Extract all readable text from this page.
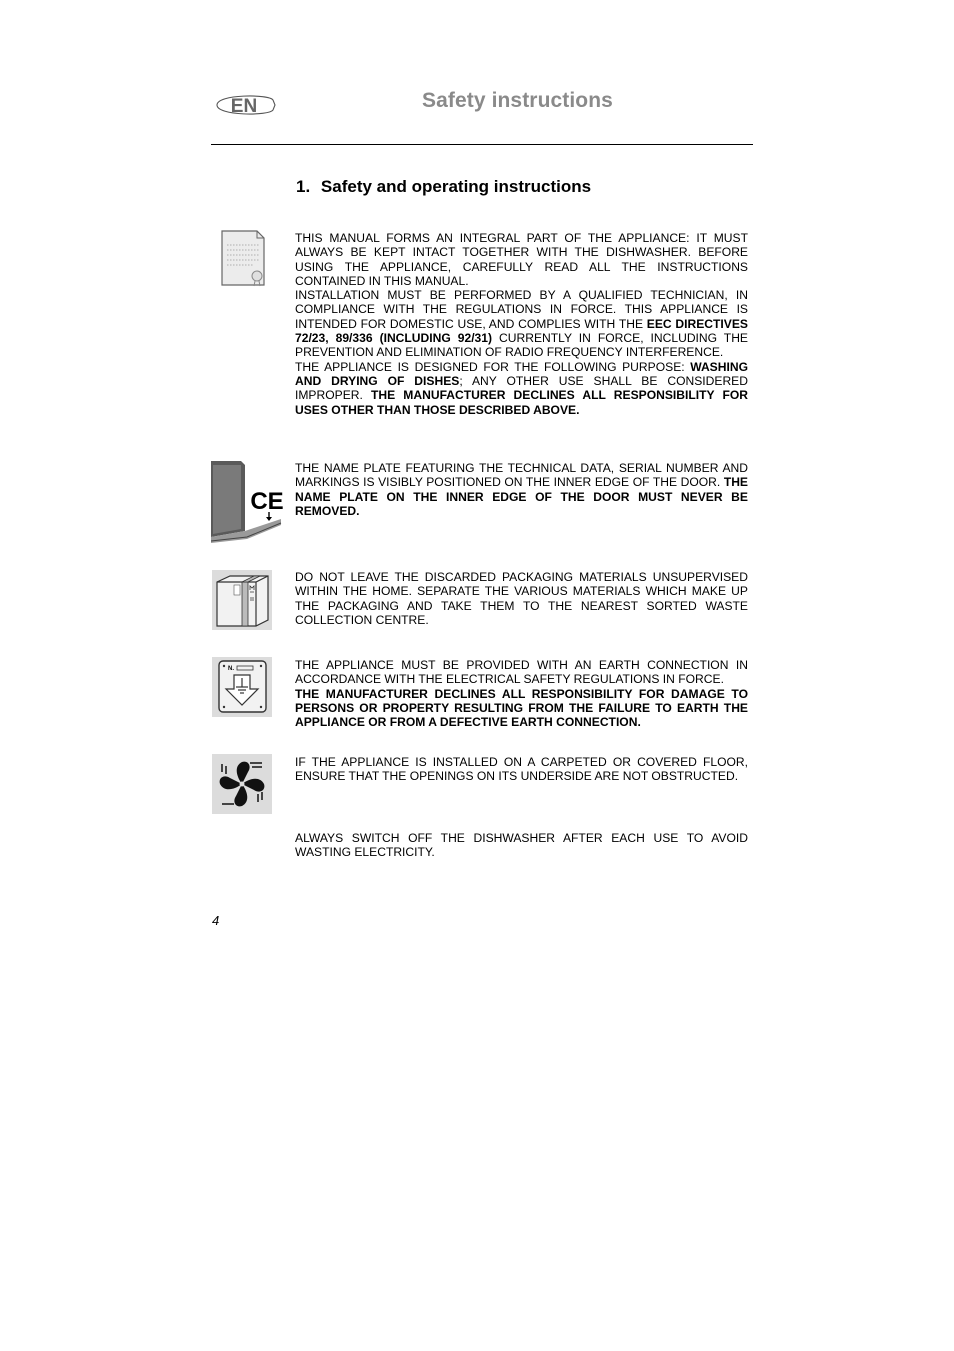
EN	Safety instructions
1. Safety and operating instructions

THIS MANUAL FORMS AN INTEGRAL PART OF THE APPLIANCE: IT MUST ALWAYS BE KEPT INTACT TOGETHER WITH THE DISHWASHER. BEFORE USING THE APPLIANCE, CAREFULLY READ ALL THE INSTRUCTIONS CONTAINED IN THIS MANUAL.

INSTALLATION MUST BE PERFORMED BY A QUALIFIED TECHNICIAN, IN COMPLIANCE WITH THE REGULATIONS IN FORCE. THIS APPLIANCE IS INTENDED FOR DOMESTIC USE, AND COMPLIES WITH THE EEC DIRECTIVES 72/23, 89/336 (INCLUDING 92/31) CURRENTLY IN FORCE, INCLUDING THE PREVENTION AND ELIMINATION OF RADIO FREQUENCY INTERFERENCE.

THE APPLIANCE IS DESIGNED FOR THE FOLLOWING PURPOSE: WASHING AND DRYING OF DISHES; ANY OTHER USE SHALL BE CONSIDERED IMPROPER. THE MANUFACTURER DECLINES ALL RESPONSIBILITY FOR USES OTHER THAN THOSE DESCRIBED ABOVE.

CE

THE NAME PLATE FEATURING THE TECHNICAL DATA, SERIAL NUMBER AND MARKINGS IS VISIBLY POSITIONED ON THE INNER EDGE OF THE DOOR. THE NAME PLATE ON THE INNER EDGE OF THE DOOR MUST NEVER BE REMOVED.

DO NOT LEAVE THE DISCARDED PACKAGING MATERIALS UNSUPERVISED WITHIN THE HOME. SEPARATE THE VARIOUS MATERIALS WHICH MAKE UP THE PACKAGING AND TAKE THEM TO THE NEAREST SORTED WASTE COLLECTION CENTRE.

N.	THE APPLIANCE MUST BE PROVIDED WITH AN EARTH CONNECTION IN ACCORDANCE WITH THE ELECTRICAL SAFETY REGULATIONS IN FORCE.

THE MANUFACTURER DECLINES ALL RESPONSIBILITY FOR DAMAGE TO PERSONS OR PROPERTY RESULTING FROM THE FAILURE TO EARTH THE APPLIANCE OR FROM A DEFECTIVE EARTH CONNECTION.

IF THE APPLIANCE IS INSTALLED ON A CARPETED OR COVERED FLOOR, ENSURE THAT THE OPENINGS ON ITS UNDERSIDE ARE NOT OBSTRUCTED.

ALWAYS SWITCH OFF THE DISHWASHER AFTER EACH USE TO AVOID WASTING ELECTRICITY.

4
